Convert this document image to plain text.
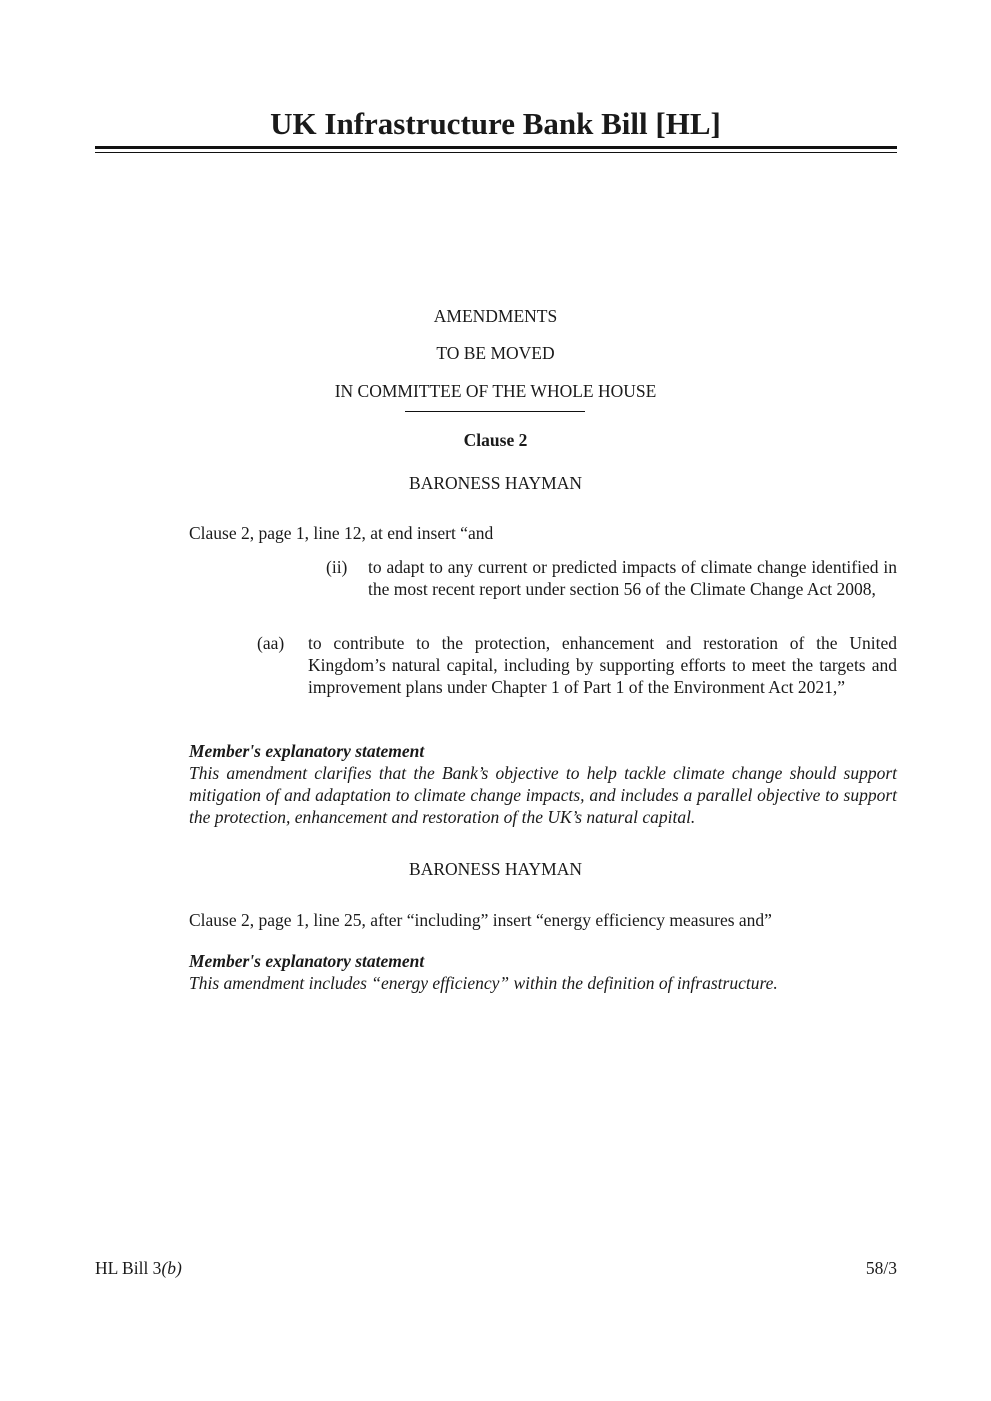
UK Infrastructure Bank Bill [HL]
AMENDMENTS
TO BE MOVED
IN COMMITTEE OF THE WHOLE HOUSE
Clause 2
BARONESS HAYMAN
Clause 2, page 1, line 12, at end insert “and
(ii) to adapt to any current or predicted impacts of climate change identified in the most recent report under section 56 of the Climate Change Act 2008,
(aa) to contribute to the protection, enhancement and restoration of the United Kingdom’s natural capital, including by supporting efforts to meet the targets and improvement plans under Chapter 1 of Part 1 of the Environment Act 2021,”
Member's explanatory statement
This amendment clarifies that the Bank’s objective to help tackle climate change should support mitigation of and adaptation to climate change impacts, and includes a parallel objective to support the protection, enhancement and restoration of the UK’s natural capital.
BARONESS HAYMAN
Clause 2, page 1, line 25, after “including” insert “energy efficiency measures and”
Member's explanatory statement
This amendment includes “energy efficiency” within the definition of infrastructure.
HL Bill 3(b)	58/3
